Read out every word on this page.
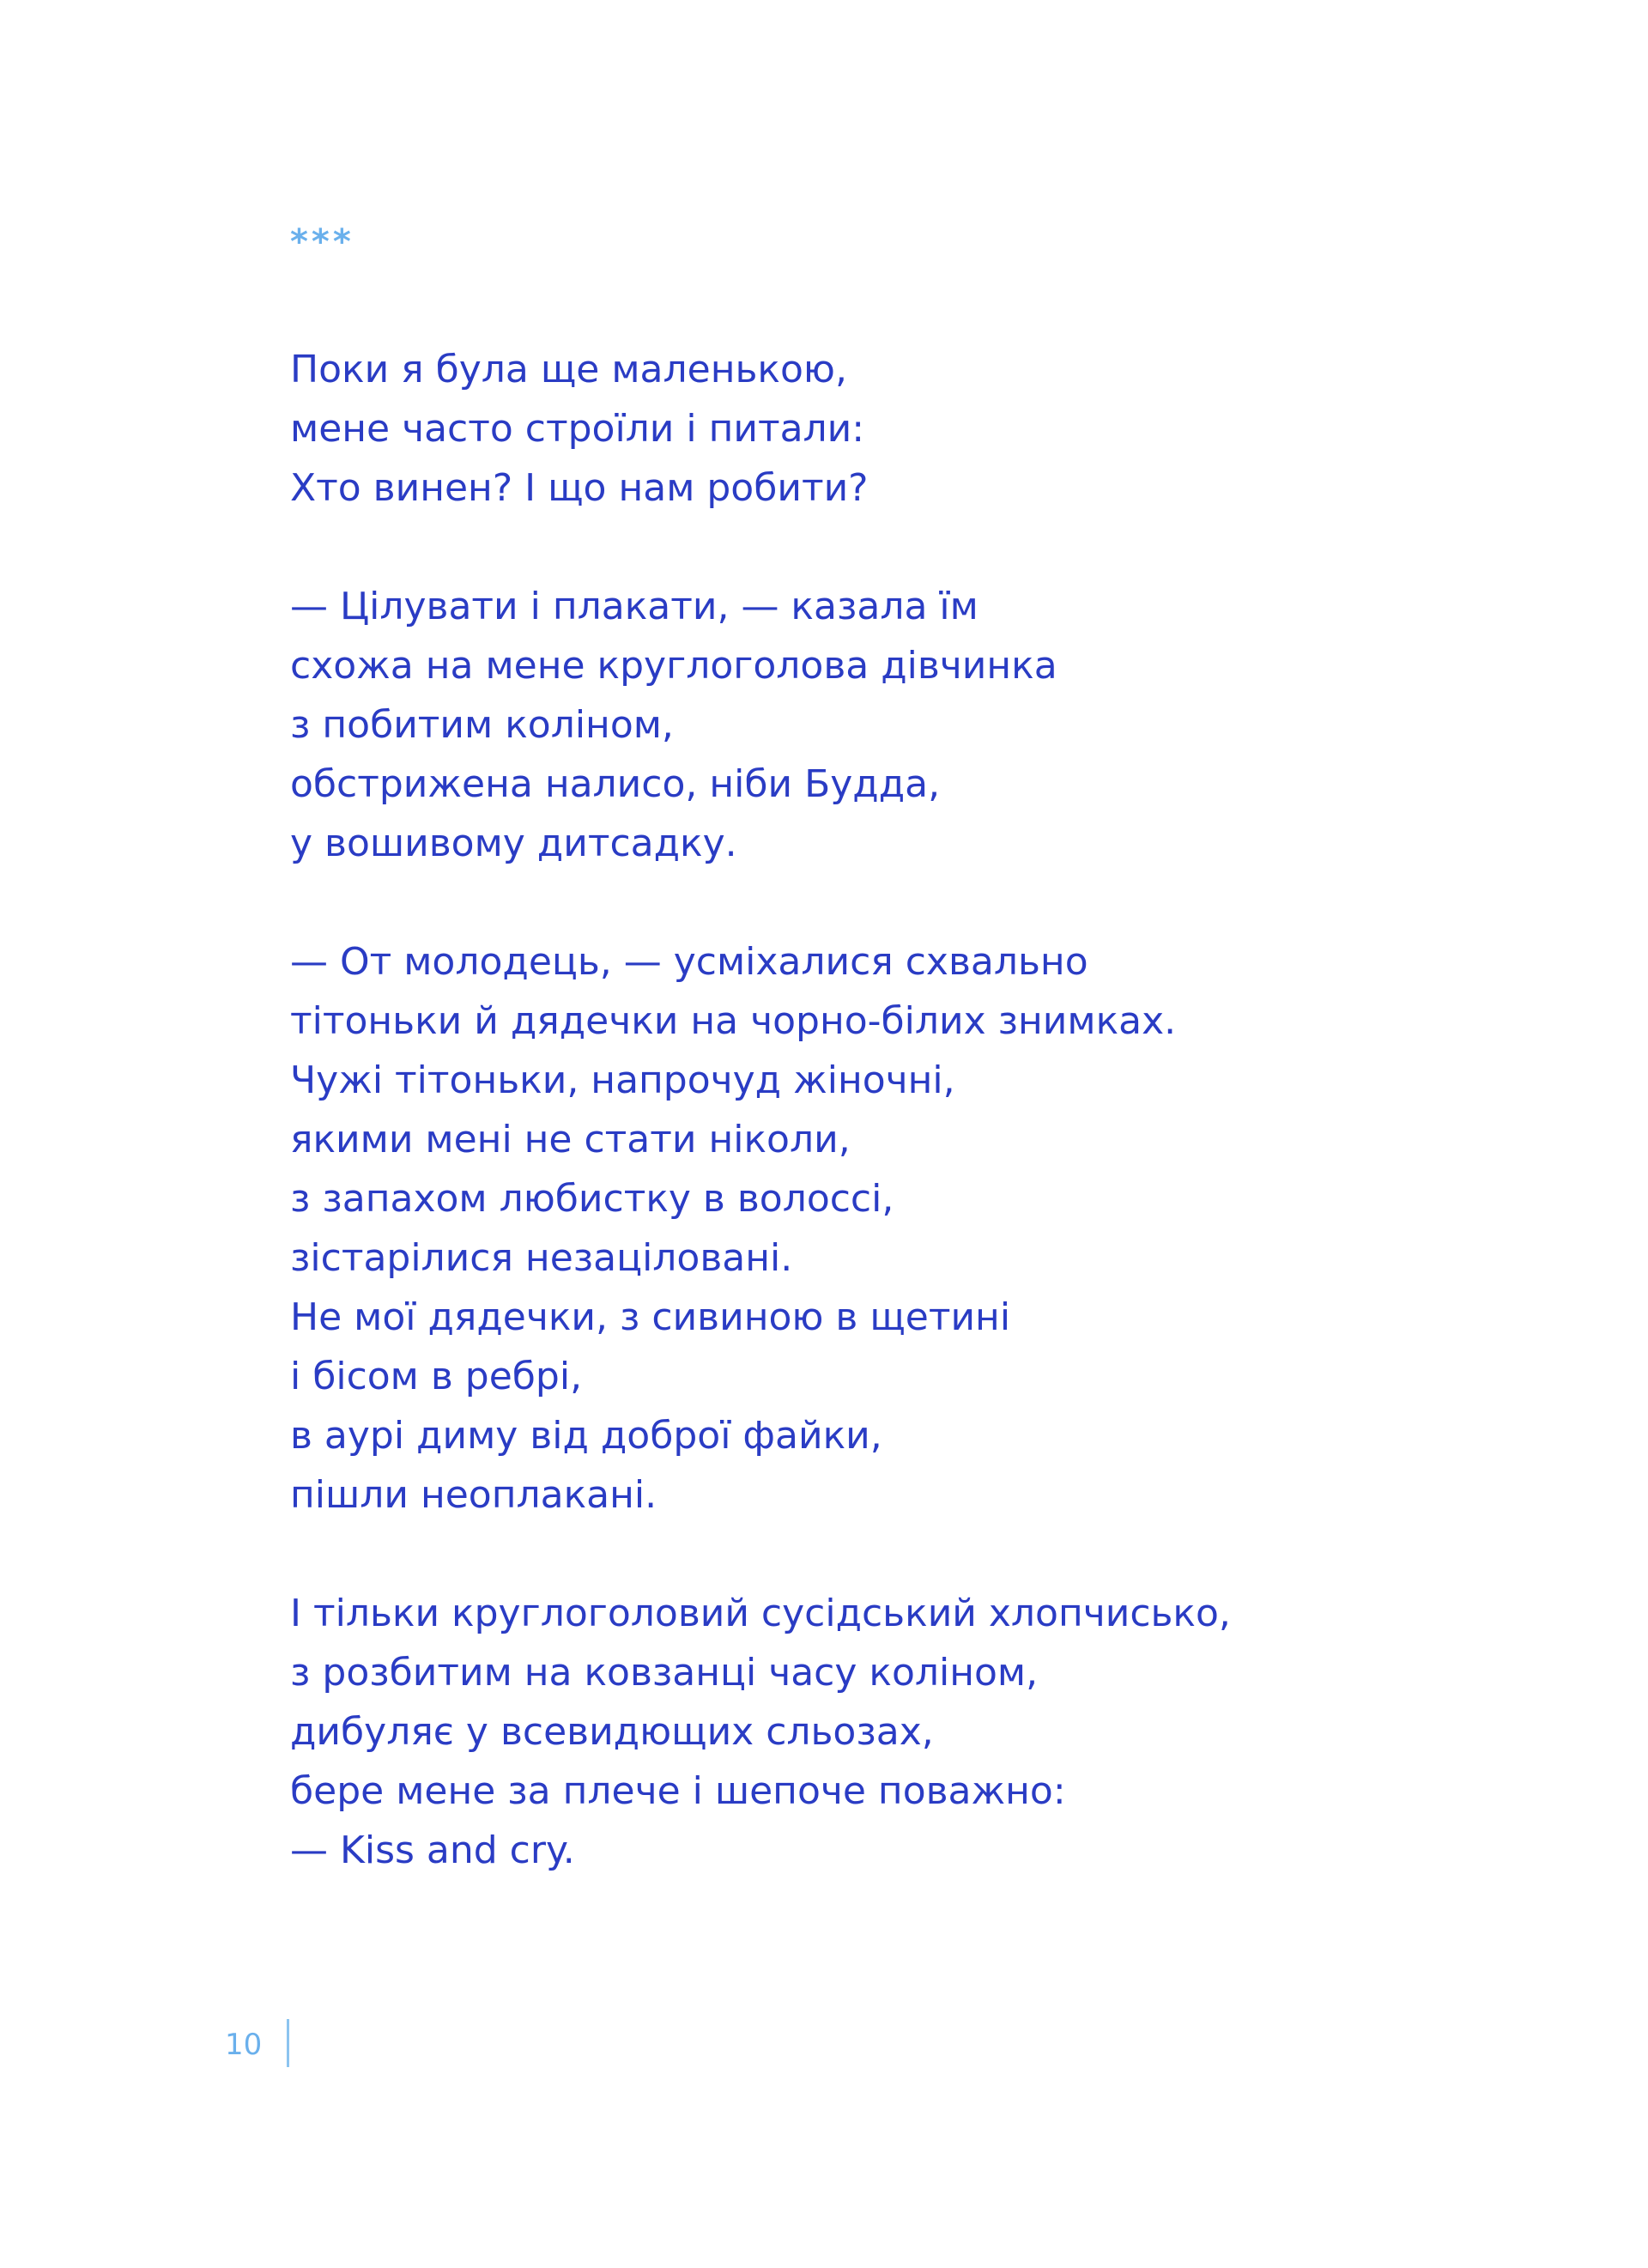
***
Поки я була ще маленькою,
мене часто строїли і питали:
Хто винен? І що нам робити?
— Цілувати і плакати, — казала їм
схожа на мене круглоголова дівчинка
з побитим коліном,
обстрижена налисо, ніби Будда,
у вошивому дитсадку.
— От молодець, — усміхалися схвально
тітоньки й дядечки на чорно-білих знимках.
Чужі тітоньки, напрочуд жіночні,
якими мені не стати ніколи,
з запахом любистку в волоссі,
зістарілися незаціловані.
Не мої дядечки, з сивиною в щетині
і бісом в ребрі,
в аурі диму від доброї файки,
пішли неоплакані.
І тільки круглоголовий сусідський хлопчисько,
з розбитим на ковзанці часу коліном,
дибуляє у всевидющих сльозах,
бере мене за плече і шепоче поважно:
— Kiss and cry.
10
